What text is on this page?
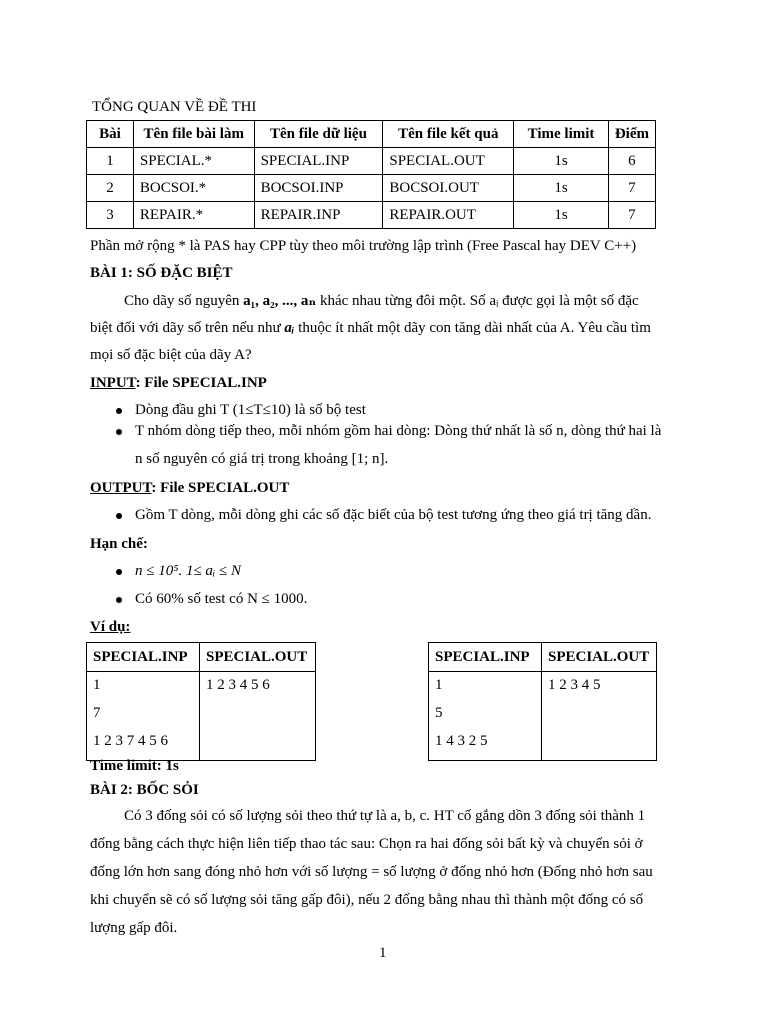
TỔNG QUAN VỀ ĐỀ THI
Bài	Tên file bài làm	Tên file dữ liệu	Tên file kết quả	Time limit	Điểm
1	SPECIAL.*	SPECIAL.INP	SPECIAL.OUT	1s	6
2	BOCSOI.*	BOCSOI.INP	BOCSOI.OUT	1s	7
3	REPAIR.*	REPAIR.INP	REPAIR.OUT	1s	7
Phần mở rộng * là PAS hay CPP tùy theo môi trường lập trình (Free Pascal hay DEV C++)
BÀI 1: SỐ ĐẶC BIỆT
Cho dãy số nguyên a₁, a₂, ..., aₙ khác nhau từng đôi một. Số aᵢ được gọi là một số đặc
biệt đối với dãy số trên nếu như aᵢ thuộc ít nhất một dãy con tăng dài nhất của A. Yêu cầu tìm
mọi số đặc biệt của dãy A?
INPUT: File SPECIAL.INP
Dòng đầu ghi T (1≤T≤10) là số bộ test
T nhóm dòng tiếp theo, mỗi nhóm gồm hai dòng: Dòng thứ nhất là số n, dòng thứ hai là
n số nguyên có giá trị trong khoảng [1; n].
OUTPUT: File SPECIAL.OUT
Gồm T dòng, mỗi dòng ghi các số đặc biết của bộ test tương ứng theo giá trị tăng dần.
Hạn chế:
n ≤ 10⁵. 1≤ aᵢ ≤ N
Có 60% số test có N ≤ 1000.
Ví dụ:
SPECIAL.INP	SPECIAL.OUT

1
7
1 2 3 7 4 5 6	1 2 3 4 5 6
SPECIAL.INP	SPECIAL.OUT

1
5
1 4 3 2 5	1 2 3 4 5
Time limit: 1s
BÀI 2: BỐC SỎI
Có 3 đống sỏi có số lượng sỏi theo thứ tự là a, b, c. HT cố gắng dồn 3 đống sỏi thành 1
đống bằng cách thực hiện liên tiếp thao tác sau: Chọn ra hai đống sỏi bất kỳ và chuyển sỏi ở
đống lớn hơn sang đóng nhỏ hơn với số lượng = số lượng ở đống nhỏ hơn (Đống nhỏ hơn sau
khi chuyển sẽ có số lượng sỏi tăng gấp đôi), nếu 2 đống bằng nhau thì thành một đống có số
lượng gấp đôi.
1
